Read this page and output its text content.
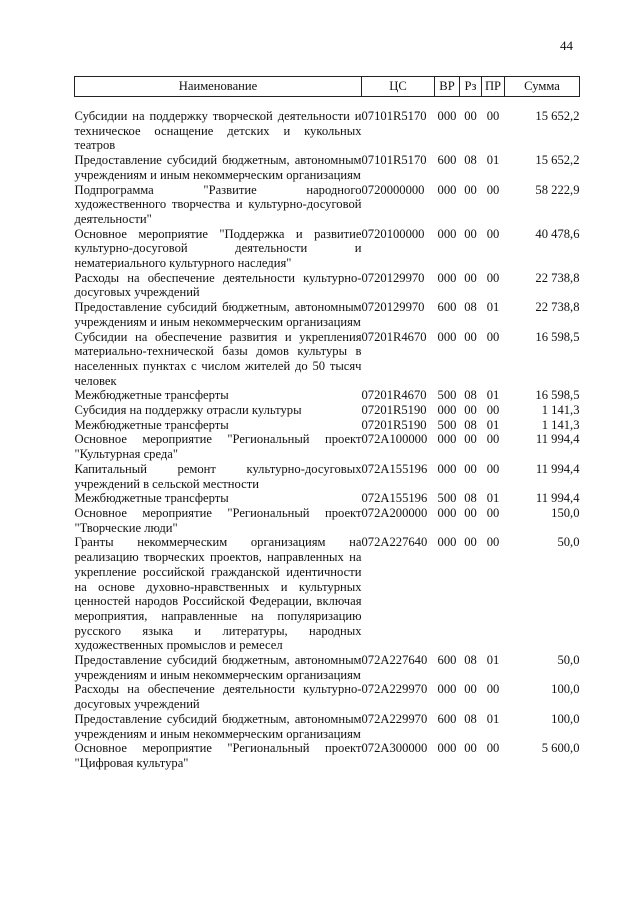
44
Наименование	ЦС	ВР	Рз	ПР	Сумма

Субсидии на поддержку творческой деятельности и техническое оснащение детских и кукольных театров	07101R5170	000	00	00	15 652,2
Предоставление субсидий бюджетным, автономным учреждениям и иным некоммерческим организациям	07101R5170	600	08	01	15 652,2
Подпрограмма "Развитие народного художественного творчества и культурно-досуговой деятельности"	0720000000	000	00	00	58 222,9
Основное мероприятие "Поддержка и развитие культурно-досуговой деятельности и нематериального культурного наследия"	0720100000	000	00	00	40 478,6
Расходы на обеспечение деятельности культурно-досуговых учреждений	0720129970	000	00	00	22 738,8
Предоставление субсидий бюджетным, автономным учреждениям и иным некоммерческим организациям	0720129970	600	08	01	22 738,8
Субсидии на обеспечение развития и укрепления материально-технической базы домов культуры в населенных пунктах с числом жителей до 50 тысяч человек	07201R4670	000	00	00	16 598,5
Межбюджетные трансферты	07201R4670	500	08	01	16 598,5
Субсидия на поддержку отрасли культуры	07201R5190	000	00	00	1 141,3
Межбюджетные трансферты	07201R5190	500	08	01	1 141,3
Основное мероприятие "Региональный проект "Культурная среда"	072A100000	000	00	00	11 994,4
Капитальный ремонт культурно-досуговых учреждений в сельской местности	072A155196	000	00	00	11 994,4
Межбюджетные трансферты	072A155196	500	08	01	11 994,4
Основное мероприятие "Региональный проект "Творческие люди"	072A200000	000	00	00	150,0
Гранты некоммерческим организациям на реализацию творческих проектов, направленных на укрепление российской гражданской идентичности на основе духовно-нравственных и культурных ценностей народов Российской Федерации, включая мероприятия, направленные на популяризацию русского языка и литературы, народных художественных промыслов и ремесел	072A227640	000	00	00	50,0
Предоставление субсидий бюджетным, автономным учреждениям и иным некоммерческим организациям	072A227640	600	08	01	50,0
Расходы на обеспечение деятельности культурно-досуговых учреждений	072A229970	000	00	00	100,0
Предоставление субсидий бюджетным, автономным учреждениям и иным некоммерческим организациям	072A229970	600	08	01	100,0
Основное мероприятие "Региональный проект "Цифровая культура"	072A300000	000	00	00	5 600,0
